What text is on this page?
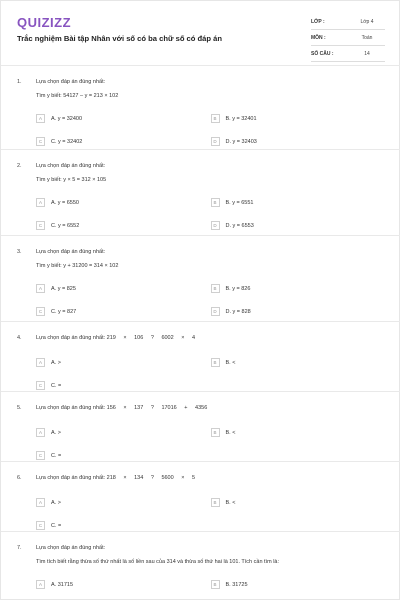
QUIZIZZ
Trắc nghiệm Bài tập Nhân với số có ba chữ số có đáp án
LỚP :	Lớp 4
MÔN :	Toán
SỐ CÂU :	14
1.	Lựa chọn đáp án đúng nhất:
Tìm y biết: 54127 – y = 213 × 102
A	A. y = 32400	B	B. y = 32401
C	C. y = 32402	D	D. y = 32403
2.	Lựa chọn đáp án đúng nhất:
Tìm y biết: y × 5 = 312 × 105
A	A. y = 6550	B	B. y = 6551
C	C. y = 6552	D	D. y = 6553
3.	Lựa chọn đáp án đúng nhất:
Tìm y biết: y + 31200 = 314 × 102
A	A. y = 825	B	B. y = 826
C	C. y = 827	D	D. y = 828
4.	Lựa chọn đáp án đúng nhất: 219 × 106 ? 6002 × 4
A	A. >	B	B. <
C	C. =
5.	Lựa chọn đáp án đúng nhất: 156 × 137 ? 17016 + 4356
A	A. >	B	B. <
C	C. =
6.	Lựa chọn đáp án đúng nhất: 218 × 134 ? 5600 × 5
A	A. >	B	B. <
C	C. =
7.	Lựa chọn đáp án đúng nhất:
Tìm tích biết rằng thừa số thứ nhất là số liền sau của 314 và thừa số thứ hai là 101. Tích cần tìm là:
A	A. 31715	B	B. 31725
